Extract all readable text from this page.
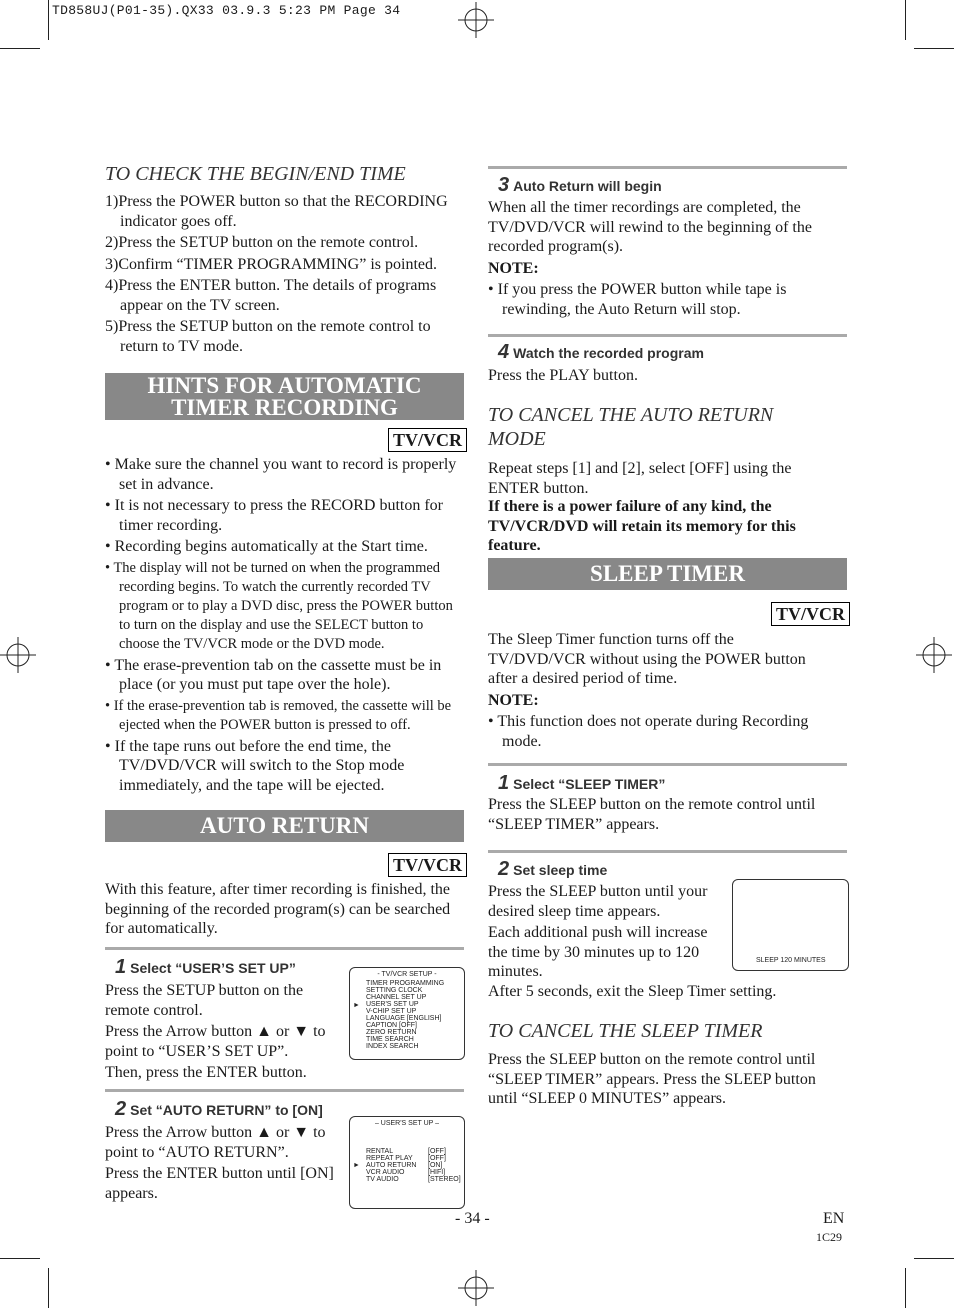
TD858UJ(P01-35).QX33 03.9.3 5:23 PM Page 34
TO CHECK THE BEGIN/END TIME
1)Press the POWER button so that the RECORDING indicator goes off.
2)Press the SETUP button on the remote control.
3)Confirm “TIMER PROGRAMMING” is pointed.
4)Press the ENTER button. The details of programs appear on the TV screen.
5)Press the SETUP button on the remote control to return to TV mode.
HINTS FOR AUTOMATIC
TIMER RECORDING
TV/VCR
• Make sure the channel you want to record is properly set in advance.
• It is not necessary to press the RECORD button for timer recording.
• Recording begins automatically at the Start time.
• The display will not be turned on when the programmed recording begins. To watch the currently recorded TV program or to play a DVD disc, press the POWER button to turn on the display and use the SELECT button to choose the TV/VCR mode or the DVD mode.
• The erase-prevention tab on the cassette must be in place (or you must put tape over the hole).
• If the erase-prevention tab is removed, the cassette will be ejected when the POWER button is pressed to off.
• If the tape runs out before the end time, the TV/DVD/VCR will switch to the Stop mode immediately, and the tape will be ejected.
AUTO RETURN
TV/VCR
With this feature, after timer recording is finished, the beginning of the recorded program(s) can be searched for automatically.
1 Select “USER’S SET UP”
Press the SETUP button on the remote control.
Press the Arrow button ▲ or ▼ to point to “USER’S SET UP”.
Then, press the ENTER button.
- TV/VCR SETUP -
►
TIMER PROGRAMMING
SETTING CLOCK
CHANNEL SET UP
USER'S SET UP
V-CHIP SET UP
LANGUAGE [ENGLISH]
CAPTION [OFF]
ZERO RETURN
TIME SEARCH
INDEX SEARCH
2 Set “AUTO RETURN” to [ON]
Press the Arrow button ▲ or ▼ to point to “AUTO RETURN”.
Press the ENTER button until [ON] appears.
– USER'S SET UP –
►
RENTAL
REPEAT PLAY
AUTO RETURN
VCR AUDIO
TV AUDIO
[OFF]
[OFF]
[ON]
[HIFI]
[STEREO]
3 Auto Return will begin
When all the timer recordings are completed, the TV/DVD/VCR will rewind to the beginning of the recorded program(s).
NOTE:
• If you press the POWER button while tape is rewinding, the Auto Return will stop.
4 Watch the recorded program
Press the PLAY button.
TO CANCEL THE AUTO RETURN MODE
Repeat steps [1] and [2], select [OFF] using the ENTER button.
If there is a power failure of any kind, the TV/VCR/DVD will retain its memory for this feature.
SLEEP TIMER
TV/VCR
The Sleep Timer function turns off the TV/DVD/VCR without using the POWER button after a desired period of time.
NOTE:
• This function does not operate during Recording mode.
1 Select “SLEEP TIMER”
Press the SLEEP button on the remote control until “SLEEP TIMER” appears.
2 Set sleep time
Press the SLEEP button until your desired sleep time appears.
Each additional push will increase the time by 30 minutes up to 120 minutes.
After 5 seconds, exit the Sleep Timer setting.
SLEEP 120 MINUTES
TO CANCEL THE SLEEP TIMER
Press the SLEEP button on the remote control until “SLEEP TIMER” appears. Press the SLEEP button until “SLEEP 0 MINUTES” appears.
- 34 -	EN
1C29
